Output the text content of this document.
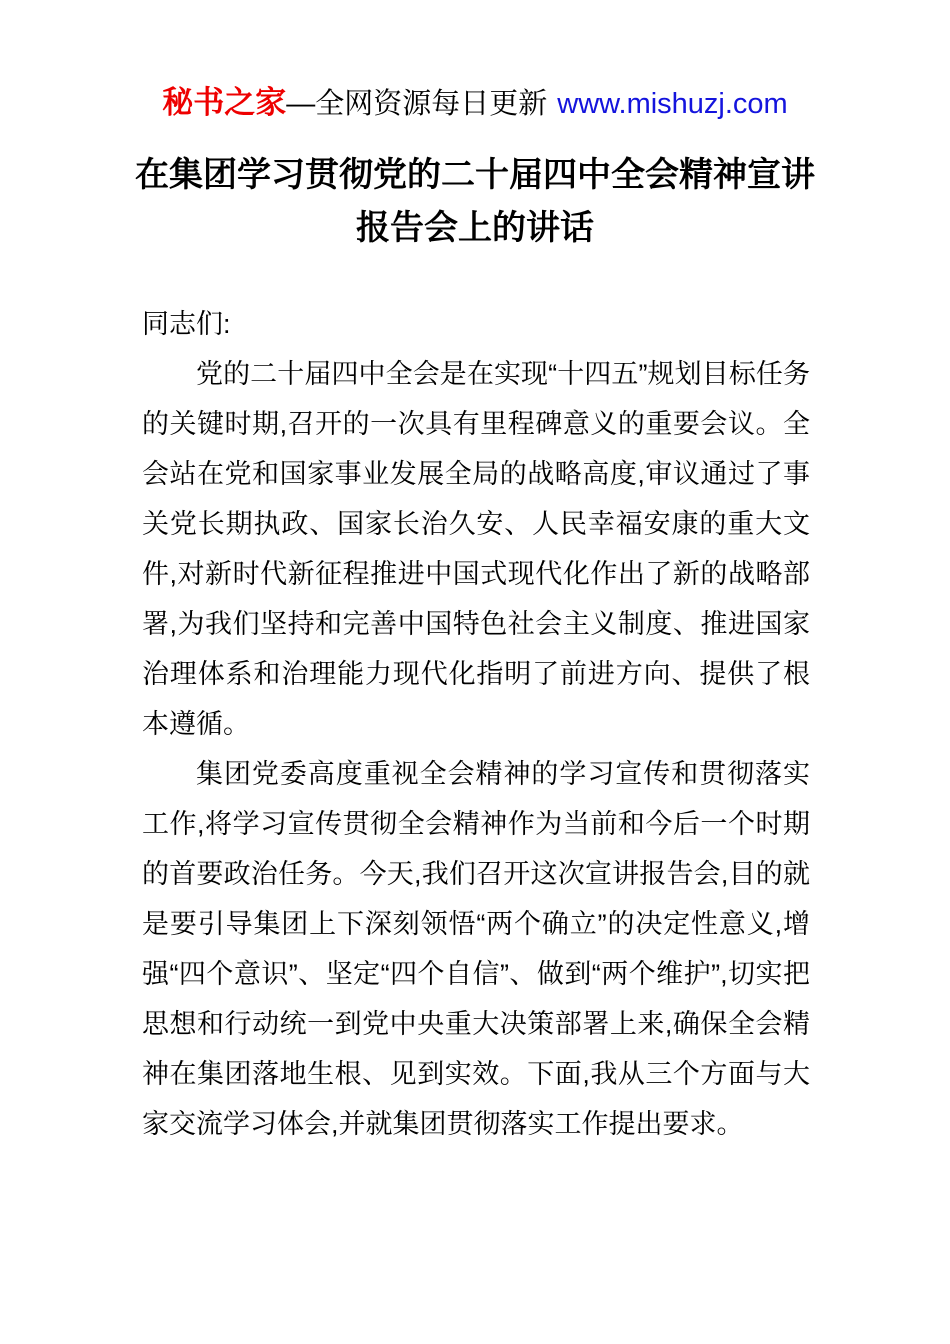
秘书之家—全网资源每日更新 www.mishuzj.com
在集团学习贯彻党的二十届四中全会精神宣讲报告会上的讲话

同志们:

党的二十届四中全会是在实现“十四五”规划目标任务的关键时期,召开的一次具有里程碑意义的重要会议。全会站在党和国家事业发展全局的战略高度,审议通过了事关党长期执政、国家长治久安、人民幸福安康的重大文件,对新时代新征程推进中国式现代化作出了新的战略部署,为我们坚持和完善中国特色社会主义制度、推进国家治理体系和治理能力现代化指明了前进方向、提供了根本遵循。

集团党委高度重视全会精神的学习宣传和贯彻落实工作,将学习宣传贯彻全会精神作为当前和今后一个时期的首要政治任务。今天,我们召开这次宣讲报告会,目的就是要引导集团上下深刻领悟“两个确立”的决定性意义,增强“四个意识”、坚定“四个自信”、做到“两个维护”,切实把思想和行动统一到党中央重大决策部署上来,确保全会精神在集团落地生根、见到实效。下面,我从三个方面与大家交流学习体会,并就集团贯彻落实工作提出要求。
